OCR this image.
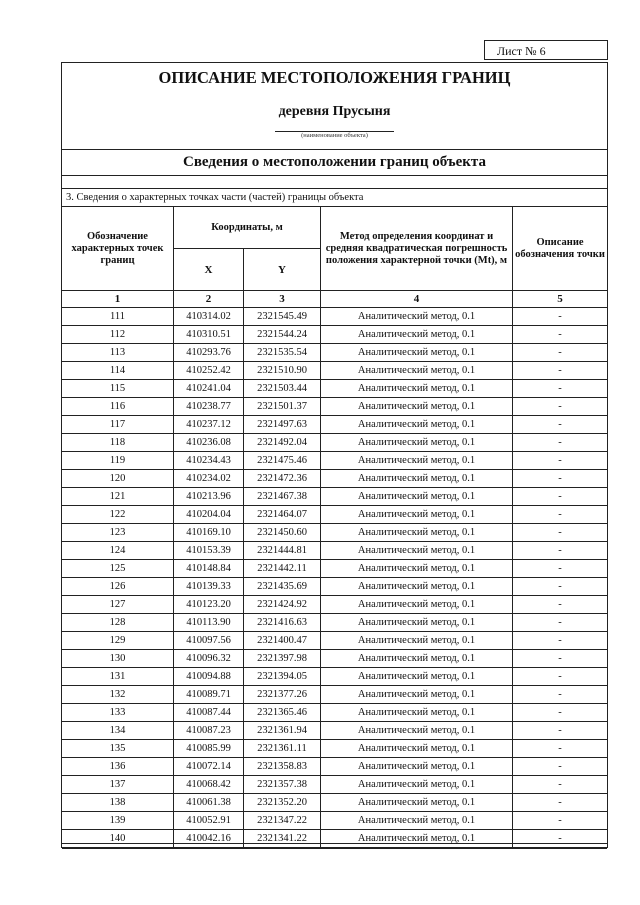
Лист № 6
ОПИСАНИЕ МЕСТОПОЛОЖЕНИЯ ГРАНИЦ
деревня Прусыня
(наименование объекта)
Сведения о местоположении границ объекта
3. Сведения о характерных точках части (частей) границы объекта
Обозначение характерных точек границ	Координаты, м		Метод определения координат и средняя квадратическая погрешность положения характерной точки (Mt), м	Описание обозначения точки
	X	Y		
1	2	3	4	5
111	410314.02	2321545.49	Аналитический метод, 0.1	-
112	410310.51	2321544.24	Аналитический метод, 0.1	-
113	410293.76	2321535.54	Аналитический метод, 0.1	-
114	410252.42	2321510.90	Аналитический метод, 0.1	-
115	410241.04	2321503.44	Аналитический метод, 0.1	-
116	410238.77	2321501.37	Аналитический метод, 0.1	-
117	410237.12	2321497.63	Аналитический метод, 0.1	-
118	410236.08	2321492.04	Аналитический метод, 0.1	-
119	410234.43	2321475.46	Аналитический метод, 0.1	-
120	410234.02	2321472.36	Аналитический метод, 0.1	-
121	410213.96	2321467.38	Аналитический метод, 0.1	-
122	410204.04	2321464.07	Аналитический метод, 0.1	-
123	410169.10	2321450.60	Аналитический метод, 0.1	-
124	410153.39	2321444.81	Аналитический метод, 0.1	-
125	410148.84	2321442.11	Аналитический метод, 0.1	-
126	410139.33	2321435.69	Аналитический метод, 0.1	-
127	410123.20	2321424.92	Аналитический метод, 0.1	-
128	410113.90	2321416.63	Аналитический метод, 0.1	-
129	410097.56	2321400.47	Аналитический метод, 0.1	-
130	410096.32	2321397.98	Аналитический метод, 0.1	-
131	410094.88	2321394.05	Аналитический метод, 0.1	-
132	410089.71	2321377.26	Аналитический метод, 0.1	-
133	410087.44	2321365.46	Аналитический метод, 0.1	-
134	410087.23	2321361.94	Аналитический метод, 0.1	-
135	410085.99	2321361.11	Аналитический метод, 0.1	-
136	410072.14	2321358.83	Аналитический метод, 0.1	-
137	410068.42	2321357.38	Аналитический метод, 0.1	-
138	410061.38	2321352.20	Аналитический метод, 0.1	-
139	410052.91	2321347.22	Аналитический метод, 0.1	-
140	410042.16	2321341.22	Аналитический метод, 0.1	-
